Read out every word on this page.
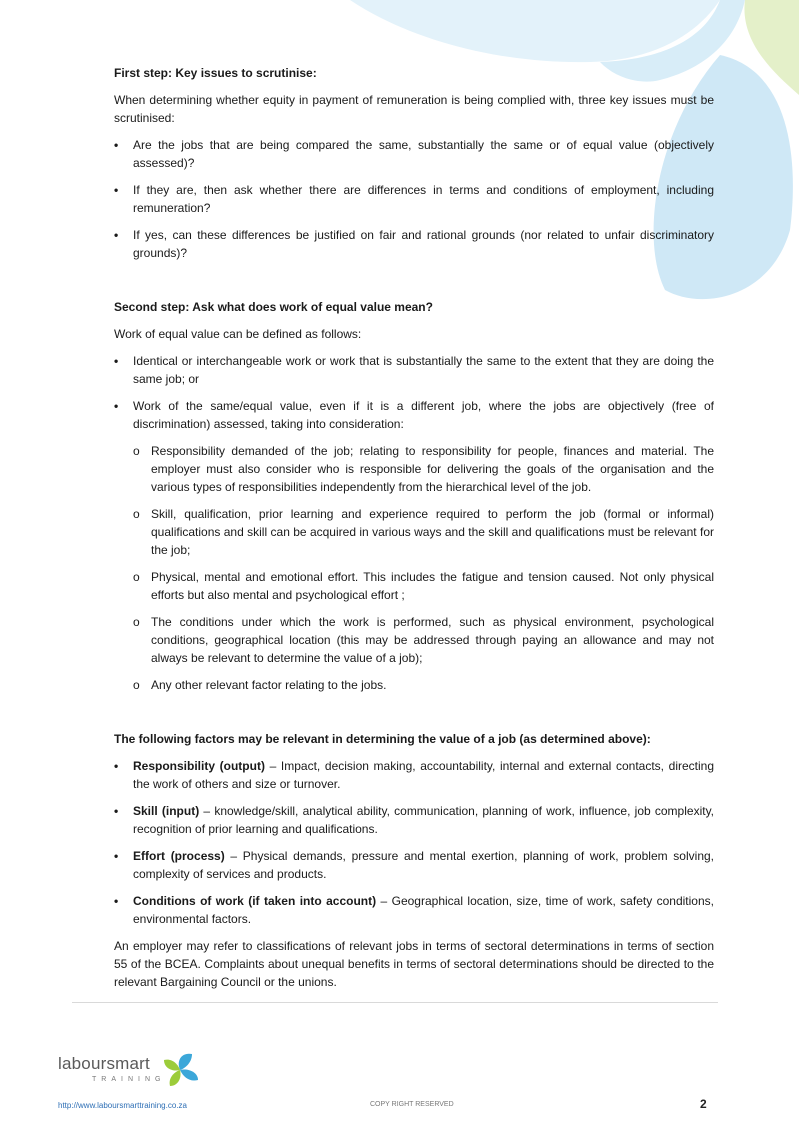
First step: Key issues to scrutinise:
When determining whether equity in payment of remuneration is being complied with, three key issues must be scrutinised:
• Are the jobs that are being compared the same, substantially the same or of equal value (objectively assessed)?
• If they are, then ask whether there are differences in terms and conditions of employment, including remuneration?
• If yes, can these differences be justified on fair and rational grounds (nor related to unfair discriminatory grounds)?
Second step: Ask what does work of equal value mean?
Work of equal value can be defined as follows:
• Identical or interchangeable work or work that is substantially the same to the extent that they are doing the same job; or
• Work of the same/equal value, even if it is a different job, where the jobs are objectively (free of discrimination) assessed, taking into consideration:
o Responsibility demanded of the job; relating to responsibility for people, finances and material. The employer must also consider who is responsible for delivering the goals of the organisation and the various types of responsibilities independently from the hierarchical level of the job.
o Skill, qualification, prior learning and experience required to perform the job (formal or informal) qualifications and skill can be acquired in various ways and the skill and qualifications must be relevant for the job;
o Physical, mental and emotional effort. This includes the fatigue and tension caused. Not only physical efforts but also mental and psychological effort ;
o The conditions under which the work is performed, such as physical environment, psychological conditions, geographical location (this may be addressed through paying an allowance and may not always be relevant to determine the value of a job);
o Any other relevant factor relating to the jobs.
The following factors may be relevant in determining the value of a job (as determined above):
• Responsibility (output) – Impact, decision making, accountability, internal and external contacts, directing the work of others and size or turnover.
• Skill (input) – knowledge/skill, analytical ability, communication, planning of work, influence, job complexity, recognition of prior learning and qualifications.
• Effort (process) – Physical demands, pressure and mental exertion, planning of work, problem solving, complexity of services and products.
• Conditions of work (if taken into account) – Geographical location, size, time of work, safety conditions, environmental factors.
An employer may refer to classifications of relevant jobs in terms of sectoral determinations in terms of section 55 of the BCEA. Complaints about unequal benefits in terms of sectoral determinations should be directed to the relevant Bargaining Council or the unions.
laboursmart
TRAINING
http://www.laboursmarttraining.co.za	COPY RIGHT RESERVED	2
